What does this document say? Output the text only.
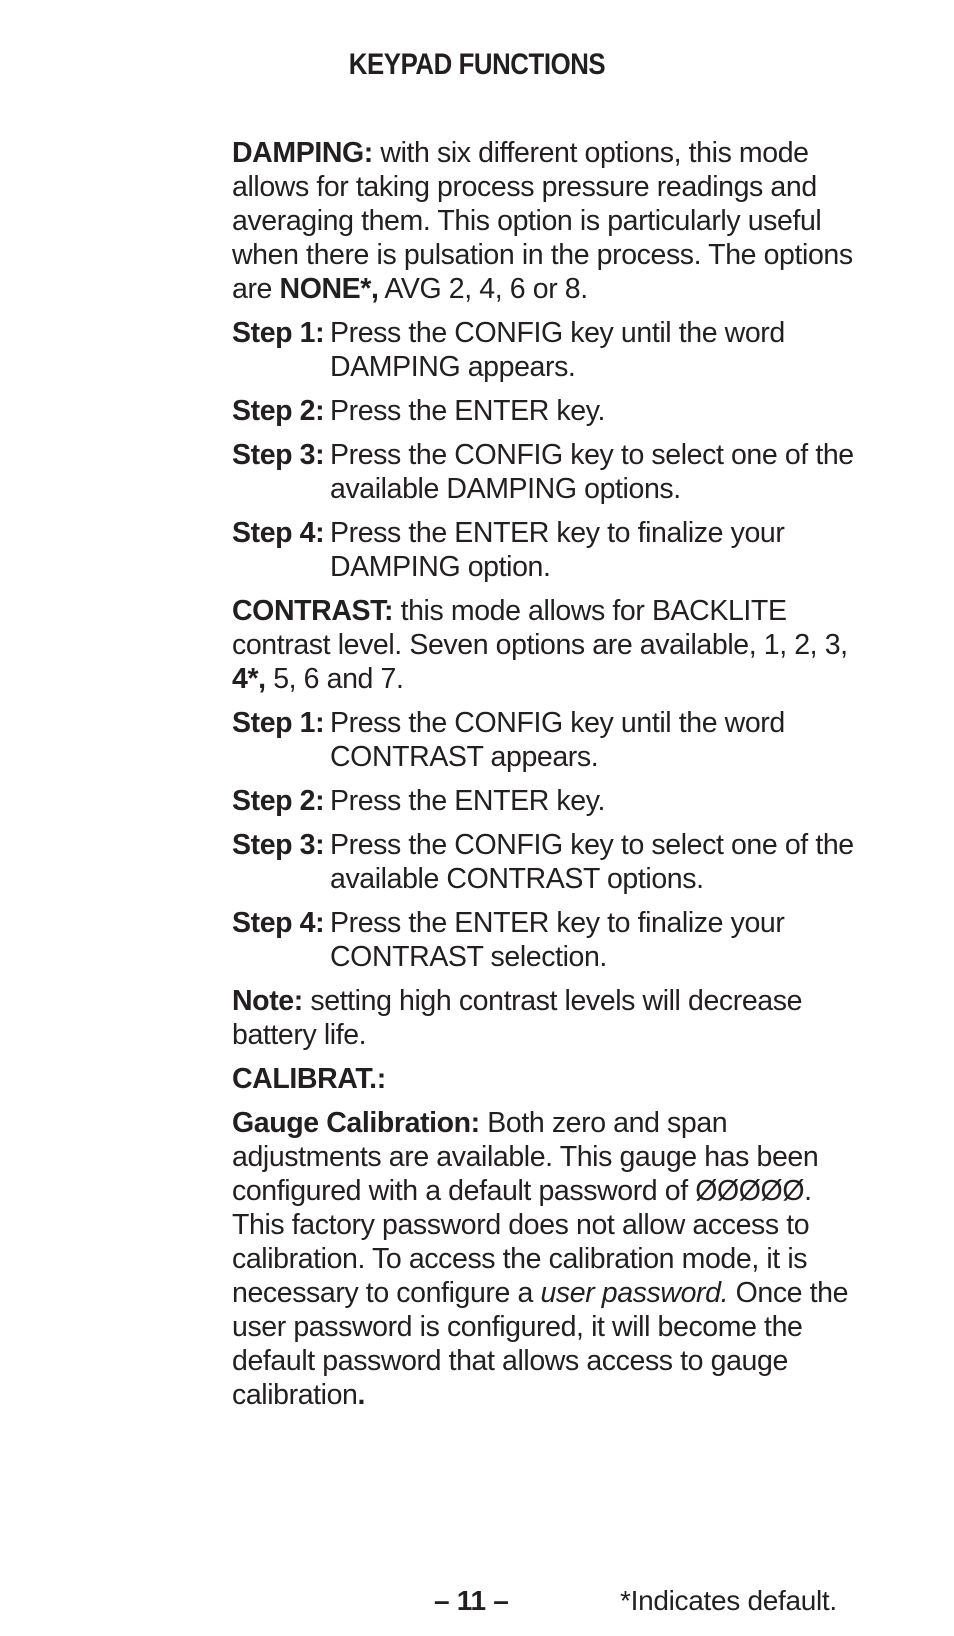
KEYPAD FUNCTIONS

DAMPING: with six different options, this mode allows for taking process pressure readings and averaging them. This option is particularly useful when there is pulsation in the process. The options are NONE*, AVG 2, 4, 6 or 8.

Step 1: Press the CONFIG key until the word DAMPING appears.
Step 2: Press the ENTER key.
Step 3: Press the CONFIG key to select one of the available DAMPING options.
Step 4: Press the ENTER key to finalize your DAMPING option.

CONTRAST: this mode allows for BACKLITE contrast level. Seven options are available, 1, 2, 3, 4*, 5, 6 and 7.

Step 1: Press the CONFIG key until the word CONTRAST appears.
Step 2: Press the ENTER key.
Step 3: Press the CONFIG key to select one of the available CONTRAST options.
Step 4: Press the ENTER key to finalize your CONTRAST selection.

Note: setting high contrast levels will decrease battery life.

CALIBRAT.:

Gauge Calibration: Both zero and span adjustments are available. This gauge has been configured with a default password of ØØØØØ. This factory password does not allow access to calibration. To access the calibration mode, it is necessary to configure a user password. Once the user password is configured, it will become the default password that allows access to gauge calibration.

– 11 –	*Indicates default.
